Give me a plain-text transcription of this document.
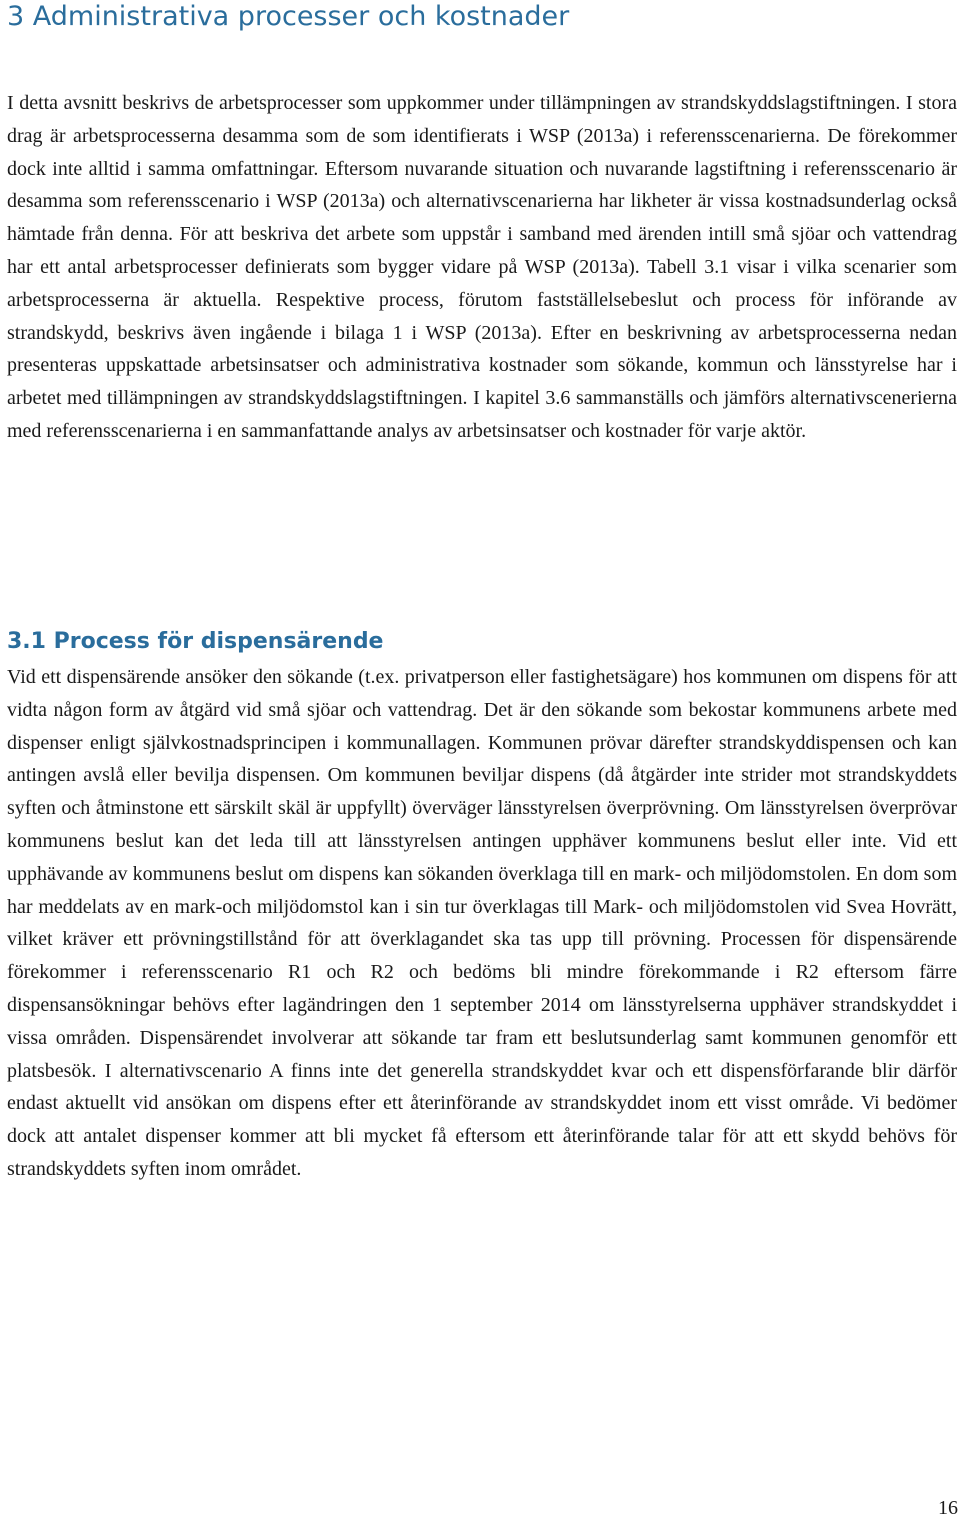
3 Administrativa processer och kostnader

I detta avsnitt beskrivs de arbetsprocesser som uppkommer under tillämpningen av strandskyddslagstiftningen. I stora drag är arbetsprocesserna desamma som de som identifierats i WSP (2013a) i referensscenarierna. De förekommer dock inte alltid i samma omfattningar. Eftersom nuvarande situation och nuvarande lagstiftning i referensscenario är desamma som referensscenario i WSP (2013a) och alternativscenarierna har likheter är vissa kostnadsunderlag också hämtade från denna. För att beskriva det arbete som uppstår i samband med ärenden intill små sjöar och vattendrag har ett antal arbetsprocesser definierats som bygger vidare på WSP (2013a). Tabell 3.1 visar i vilka scenarier som arbetsprocesserna är aktuella. Respektive process, förutom fastställelsebeslut och process för införande av strandskydd, beskrivs även ingående i bilaga 1 i WSP (2013a). Efter en beskrivning av arbetsprocesserna nedan presenteras uppskattade arbetsinsatser och administrativa kostnader som sökande, kommun och länsstyrelse har i arbetet med tillämpningen av strandskyddslagstiftningen. I kapitel 3.6 sammanställs och jämförs alternativscenerierna med referensscenarierna i en sammanfattande analys av arbetsinsatser och kostnader för varje aktör.

3.1 Process för dispensärende

Vid ett dispensärende ansöker den sökande (t.ex. privatperson eller fastighetsägare) hos kommunen om dispens för att vidta någon form av åtgärd vid små sjöar och vattendrag. Det är den sökande som bekostar kommunens arbete med dispenser enligt självkostnadsprincipen i kommunallagen. Kommunen prövar därefter strandskyddispensen och kan antingen avslå eller bevilja dispensen. Om kommunen beviljar dispens (då åtgärder inte strider mot strandskyddets syften och åtminstone ett särskilt skäl är uppfyllt) överväger länsstyrelsen överprövning. Om länsstyrelsen överprövar kommunens beslut kan det leda till att länsstyrelsen antingen upphäver kommunens beslut eller inte. Vid ett upphävande av kommunens beslut om dispens kan sökanden överklaga till en mark- och miljödomstolen. En dom som har meddelats av en mark-och miljödomstol kan i sin tur överklagas till Mark- och miljödomstolen vid Svea Hovrätt, vilket kräver ett prövningstillstånd för att överklagandet ska tas upp till prövning. Processen för dispensärende förekommer i referensscenario R1 och R2 och bedöms bli mindre förekommande i R2 eftersom färre dispensansökningar behövs efter lagändringen den 1 september 2014 om länsstyrelserna upphäver strandskyddet i vissa områden. Dispensärendet involverar att sökande tar fram ett beslutsunderlag samt kommunen genomför ett platsbesök. I alternativscenario A finns inte det generella strandskyddet kvar och ett dispensförfarande blir därför endast aktuellt vid ansökan om dispens efter ett återinförande av strandskyddet inom ett visst område. Vi bedömer dock att antalet dispenser kommer att bli mycket få eftersom ett återinförande talar för att ett skydd behövs för strandskyddets syften inom området.

16
